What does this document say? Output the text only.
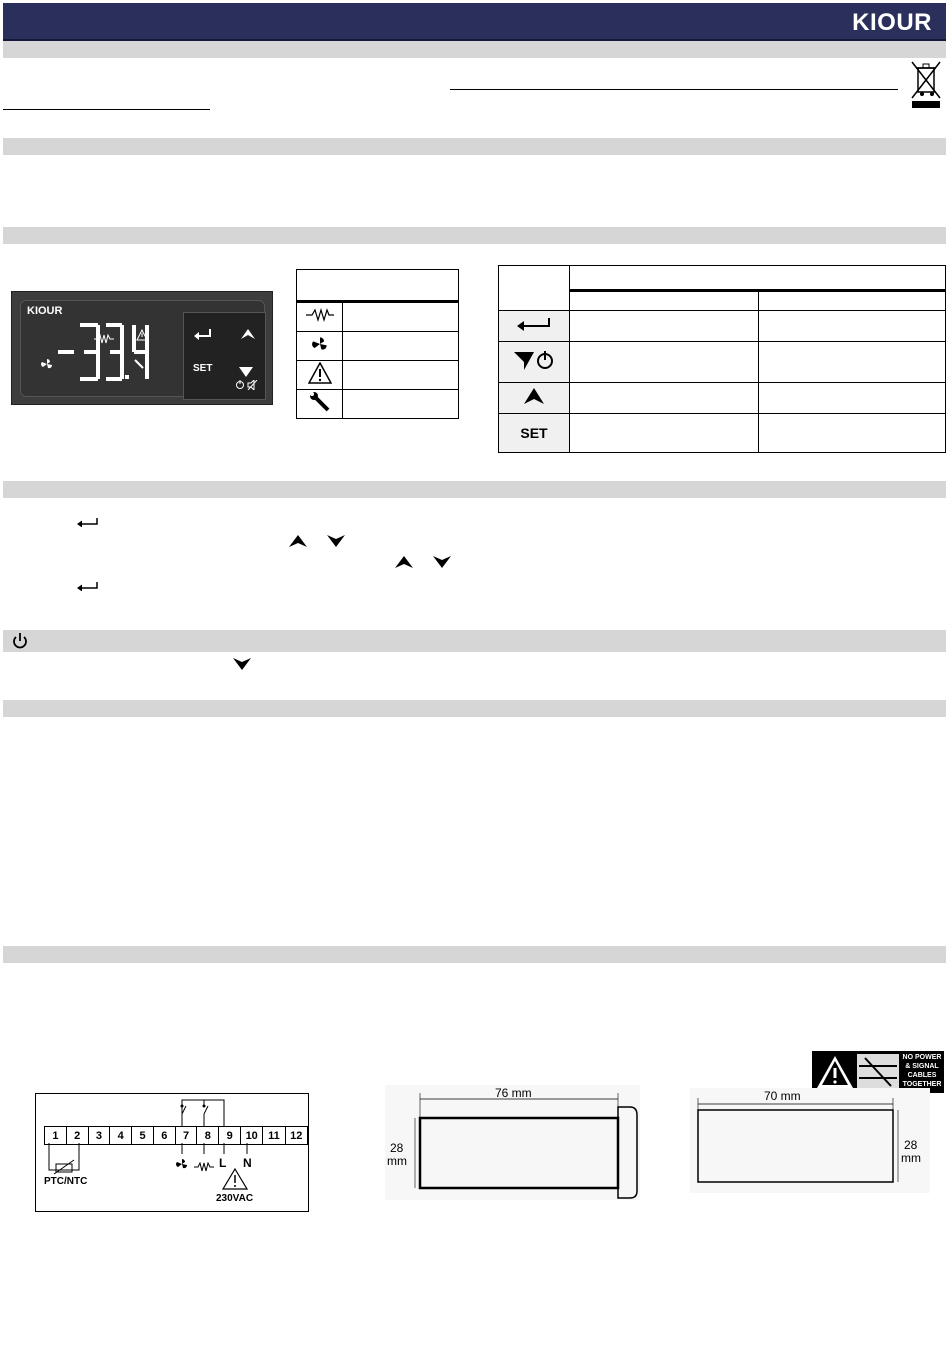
KIOUR
KIOUR
SET

SET		
1	2	3	4	5	6	7	8	9	10	11	12
L N
230VAC
PTC/NTC
76 mm
28
mm
NO POWER
& SIGNAL
CABLES
TOGETHER
70 mm
28
mm
